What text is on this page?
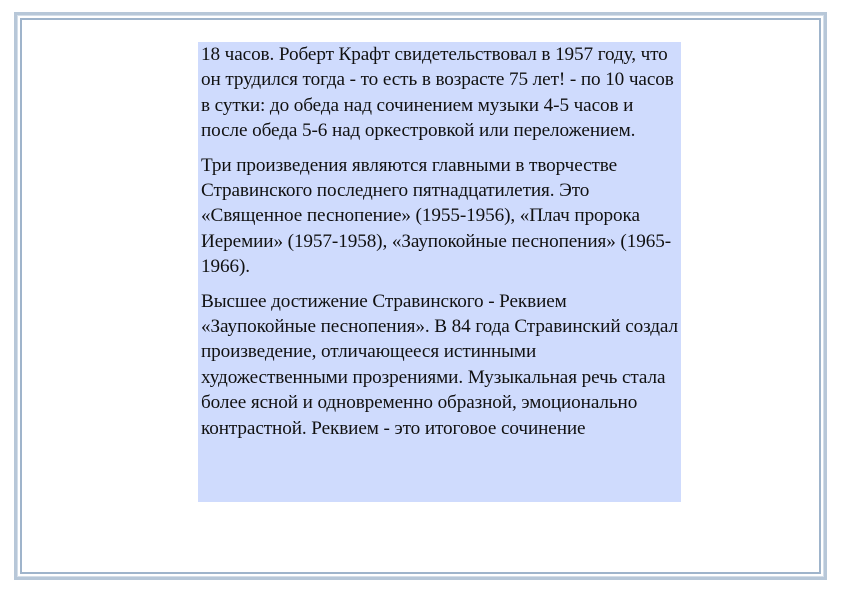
18 часов. Роберт Крафт свидетельствовал в 1957 году, что он трудился тогда - то есть в возрасте 75 лет! - по 10 часов в сутки: до обеда над сочинением музыки 4-5 часов и после обеда 5-6 над оркестровкой или переложением.

Три произведения являются главными в творчестве Стравинского последнего пятнадцатилетия. Это «Священное песнопение» (1955-1956), «Плач пророка Иеремии» (1957-1958), «Заупокойные песнопения» (1965-1966).

Высшее достижение Стравинского - Реквием «Заупокойные песнопения». В 84 года Стравинский создал произведение, отличающееся истинными художественными прозрениями. Музыкальная речь стала более ясной и одновременно образной, эмоционально контрастной. Реквием - это итоговое сочинение
